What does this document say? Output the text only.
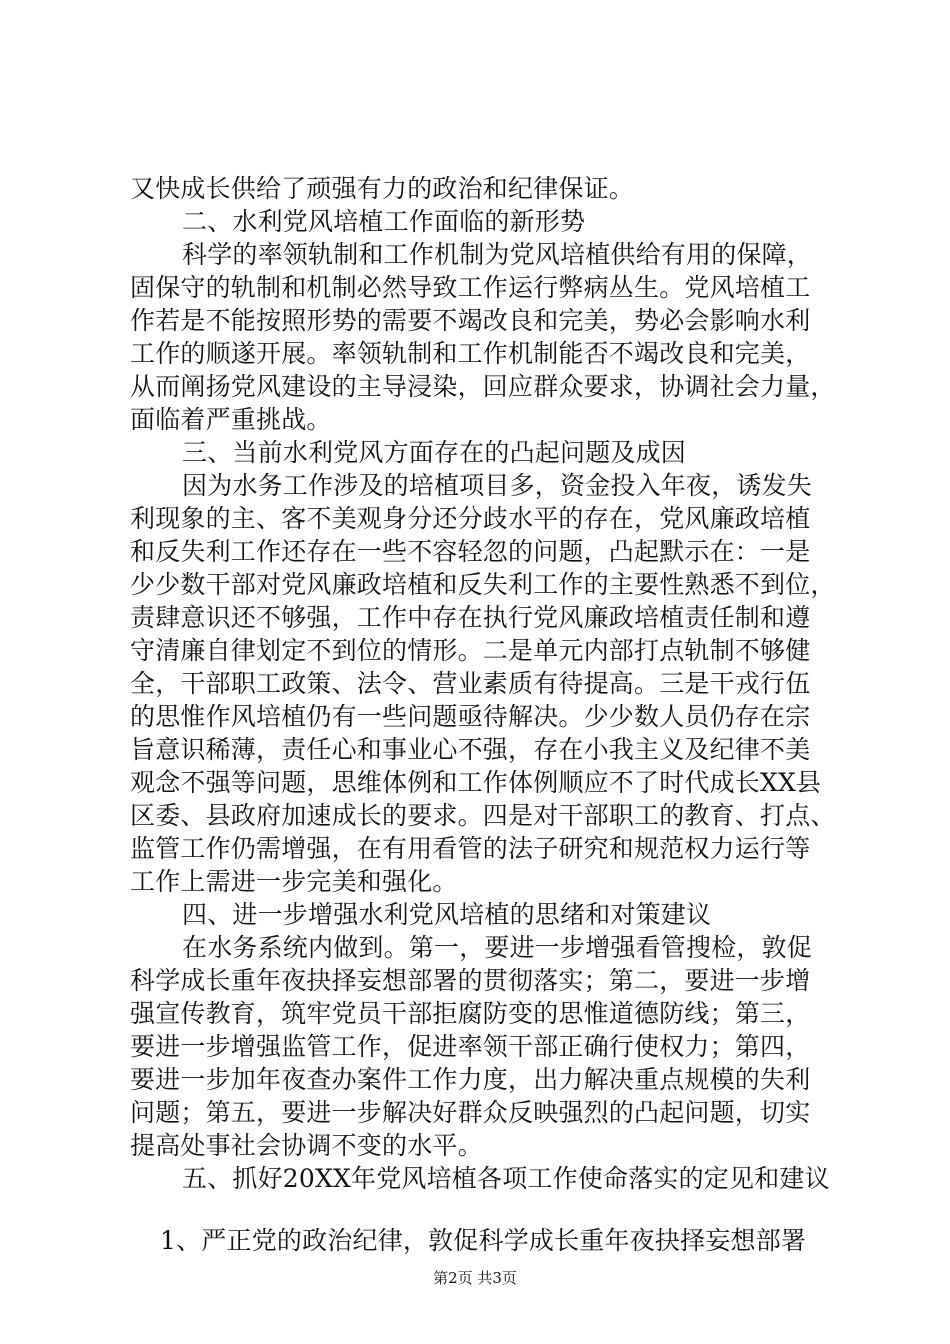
又快成长供给了顽强有力的政治和纪律保证。
二、水利党风培植工作面临的新形势
科学的率领轨制和工作机制为党风培植供给有用的保障，
固保守的轨制和机制必然导致工作运行弊病丛生。党风培植工
作若是不能按照形势的需要不竭改良和完美，势必会影响水利
工作的顺遂开展。率领轨制和工作机制能否不竭改良和完美，
从而阐扬党风建设的主导浸染，回应群众要求，协调社会力量，
面临着严重挑战。
三、当前水利党风方面存在的凸起问题及成因
因为水务工作涉及的培植项目多，资金投入年夜，诱发失
利现象的主、客不美观身分还分歧水平的存在，党风廉政培植
和反失利工作还存在一些不容轻忽的问题，凸起默示在：一是
少少数干部对党风廉政培植和反失利工作的主要性熟悉不到位，
责肆意识还不够强，工作中存在执行党风廉政培植责任制和遵
守清廉自律划定不到位的情形。二是单元内部打点轨制不够健
全，干部职工政策、法令、营业素质有待提高。三是干戎行伍
的思惟作风培植仍有一些问题亟待解决。少少数人员仍存在宗
旨意识稀薄，责任心和事业心不强，存在小我主义及纪律不美
观念不强等问题，思维体例和工作体例顺应不了时代成长XX县
区委、县政府加速成长的要求。四是对干部职工的教育、打点、
监管工作仍需增强，在有用看管的法子研究和规范权力运行等
工作上需进一步完美和强化。
四、进一步增强水利党风培植的思绪和对策建议
在水务系统内做到。第一，要进一步增强看管搜检，敦促
科学成长重年夜抉择妄想部署的贯彻落实；第二，要进一步增
强宣传教育，筑牢党员干部拒腐防变的思惟道德防线；第三，
要进一步增强监管工作，促进率领干部正确行使权力；第四，
要进一步加年夜查办案件工作力度，出力解决重点规模的失利
问题；第五，要进一步解决好群众反映强烈的凸起问题，切实
提高处事社会协调不变的水平。
五、抓好20XX年党风培植各项工作使命落实的定见和建议
1、严正党的政治纪律，敦促科学成长重年夜抉择妄想部署
第2页 共3页
